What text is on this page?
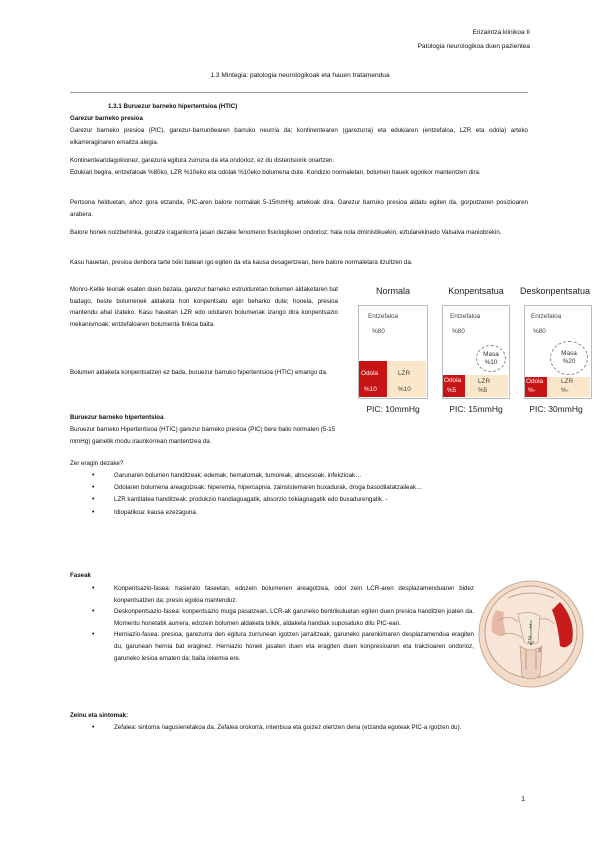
Erizaintza klinikoa II
Patologia neurologikoa duen pazientea
1.3 Mintegia: patologia neurologikoak eta hauen tratamendua
1.3.1 Buruezur barneko hipertentsioa (HTIC)
Garezur barneko presioa
Garezur barneko presioa (PIC), garezur-barrunbearen barruko neurria da; kontinentearen (garezurra) eta edukiaren (entzefaloa, LZR eta odola) arteko elkarreraginaren emaitza alegia.
Kontinentearidagokionez, garezura egitura zurruna da eta ondorioz, ez du distentsiorik onartzen.
Edukiari begira, entzefaloak %80ko, LZR %10eko eta odolak %10eko bolumena dute. Kondizio normaletan, bolumen hauek egonkor mantentzen dira.
Pertsona helduetan, ahoz gora etzanda, PIC-aren balore normalak 5-15mmHg artekoak dira. Garezur barruko presioa aldatu egiten da, gorputzaren posizioaren arabera.
Balore honek noizbehinka, goratze iragankorra jasan dezake fenomeno fisiologikoen ondorioz; hala nola dministikuekin, eztularekinedo Valsalva maniobrekin.
Kasu hauetan, presioa denbora tarte txiki batean igo egiten da eta kausa desagertzean, bere balore normaletara itzultzen da.
Monro-Kellie teoriak esaten duen bezala, garezur barneko estrukturetan bolumen aldaketaren bat badago, beste bolumenek aldaketa hori konpentsatu egin beharko dute; honela, presioa mantendu ahal izateko. Kasu hauetan LZR edo odolaren bolumenak izango dira konpentsazio mekanismoak; entzefaloaren bolumenta finkoa baita.
Bolumen aldaketa konpentsatzen ez bada, buruezur barruko hipertentsioa (HTIC) emango da.
Normala
Entzefaloa
%80
Odola
%10
LZR
%10
PIC: 10mmHg
Konpentsatua
Entzefaloa
%80
Masa
%10
Odola
%5
LZR
%5
PIC: 15mmHg
Deskonpentsatua
Entzefaloa
%80
Masa
%20
Odola
%-
LZR
%-
PIC: 30mmHg
Buruezur barneko hipertentsioa
Buruezur barneko Hipertentsioa (HTIC) garezur barneko presioa (PIC) bere balio normalen (5-15 mmHg) gainetik modu iraunkorrean mantentzea da.
Zer eragin dezake?
• Garunaren bolumen handitzeak: edemak, hematomak, tumoreak, abscesoak, infekzioak…
• Odolaren bolumena areagotzeak: hiperemia, hipercapnia, zainsistemaren buxadurak, droga basodilatatzaileak…
• LZR kantitatea handitzeak: produkzio handiagoagatik, absorzio txikiagoagatik edo buxadurengatik. -
• Idiopatikoa: kausa ezezaguna.
Faseak
• Konpentsazio-fasea: hasieralo faseetan, edozein bolumenen areagotzea, odol zein LCR-aren desplazamenduaren bidez konpentsatzen da; presio egokia mantenduz.
• Deskonpentsazio-fasea: konpentsazio muga pasatzean, LCR-ak garuneko bentrikuluetan egiten duen presioa handitzen joaten da. Momentu honetatik aurrera, edozein bolumen aldaketa txikik, aldaketa handiak suposatuko ditu PIC-ean.
• Herniazio-fasea: presioa, garezurra den egitura zurrunean igotzen jarraitzeak, garuneko parenkimaren desplazamendua eragiten du, garunean hernia bat eraginez. Herniazio honek jasaten duen eta eragiten duen konpresioaren eta trakzioaren ondorioz, garuneko lesioa ematen da; baita iskemia ere.
1
2
3
Zeinu eta sintomak:
• Zefalea: sintoma nagusienetakoa da. Zefalea orokorra, intentsua eta goizez olertzen dena (etzanda egoteak PIC-a igotzen du).
1
